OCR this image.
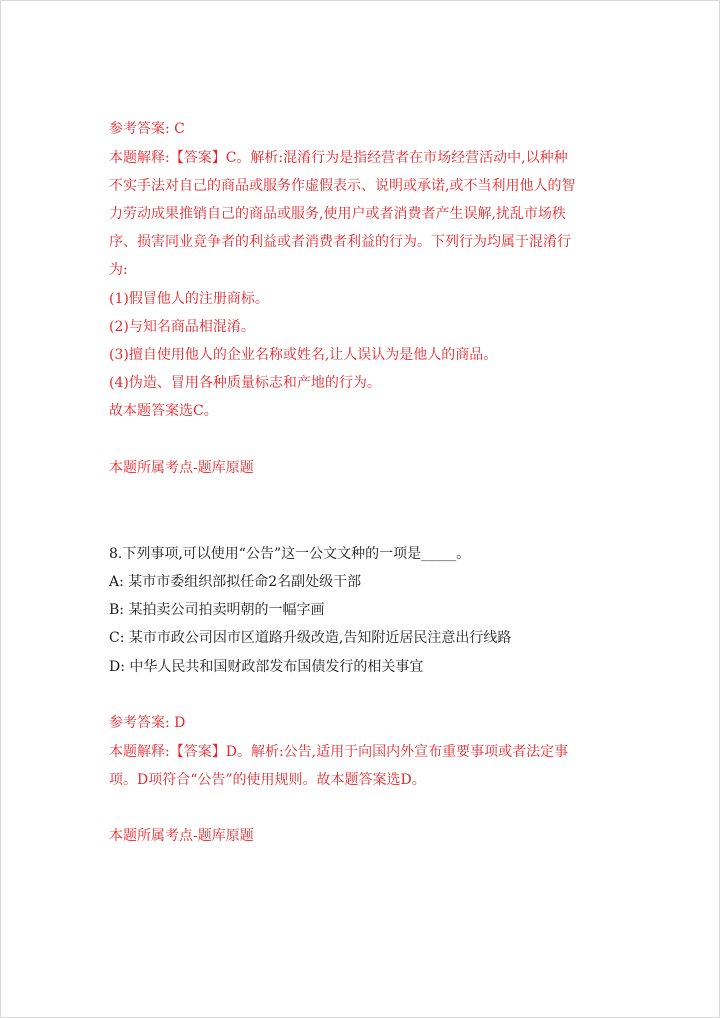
参考答案: C
本题解释:【答案】C。解析:混淆行为是指经营者在市场经营活动中,以种种
不实手法对自己的商品或服务作虚假表示、说明或承诺,或不当利用他人的智
力劳动成果推销自己的商品或服务,使用户或者消费者产生误解,扰乱市场秩
序、损害同业竞争者的利益或者消费者利益的行为。下列行为均属于混淆行
为:
(1)假冒他人的注册商标。
(2)与知名商品相混淆。
(3)擅自使用他人的企业名称或姓名,让人误认为是他人的商品。
(4)伪造、冒用各种质量标志和产地的行为。
故本题答案选C。
本题所属考点-题库原题
8.下列事项,可以使用“公告”这一公文文种的一项是_____。
A: 某市市委组织部拟任命2名副处级干部
B: 某拍卖公司拍卖明朝的一幅字画
C: 某市市政公司因市区道路升级改造,告知附近居民注意出行线路
D: 中华人民共和国财政部发布国债发行的相关事宜
参考答案: D
本题解释:【答案】D。解析:公告,适用于向国内外宣布重要事项或者法定事
项。D项符合“公告”的使用规则。故本题答案选D。
本题所属考点-题库原题
